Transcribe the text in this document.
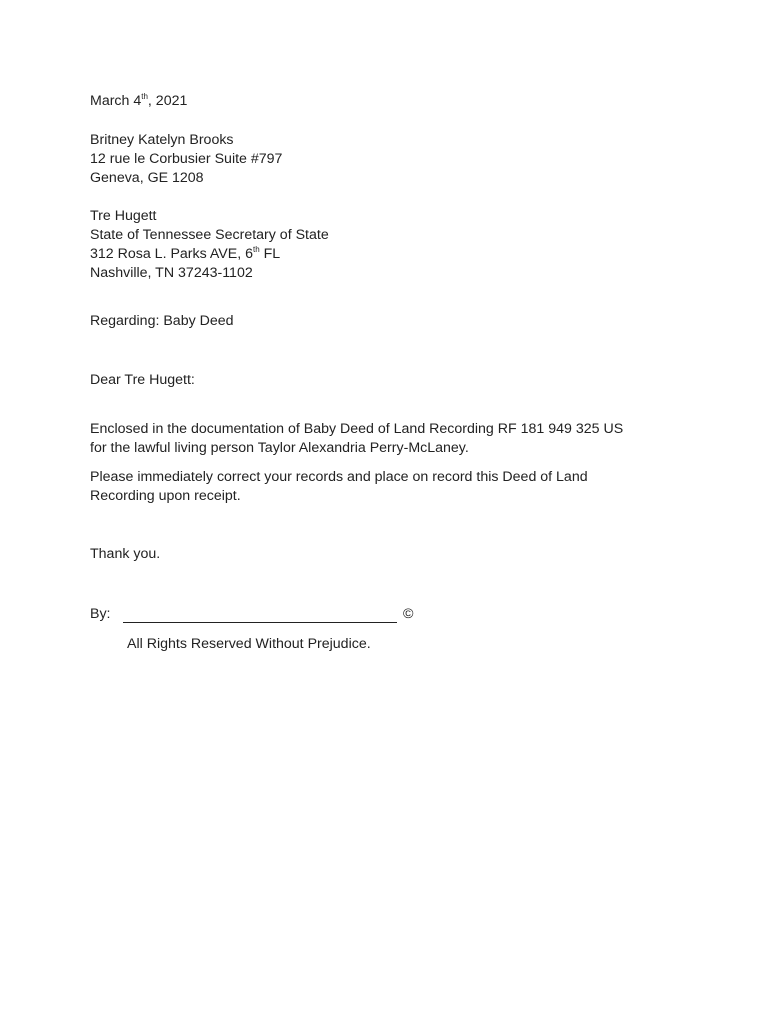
March 4th, 2021
Britney Katelyn Brooks
12 rue le Corbusier Suite #797
Geneva, GE 1208
Tre Hugett
State of Tennessee Secretary of State
312 Rosa L. Parks AVE, 6th FL
Nashville, TN 37243-1102
Regarding: Baby Deed
Dear Tre Hugett:
Enclosed in the documentation of Baby Deed of Land Recording RF 181 949 325 US
for the lawful living person Taylor Alexandria Perry-McLaney.
Please immediately correct your records and place on record this Deed of Land
Recording upon receipt.
Thank you.
By:	©
All Rights Reserved Without Prejudice.
